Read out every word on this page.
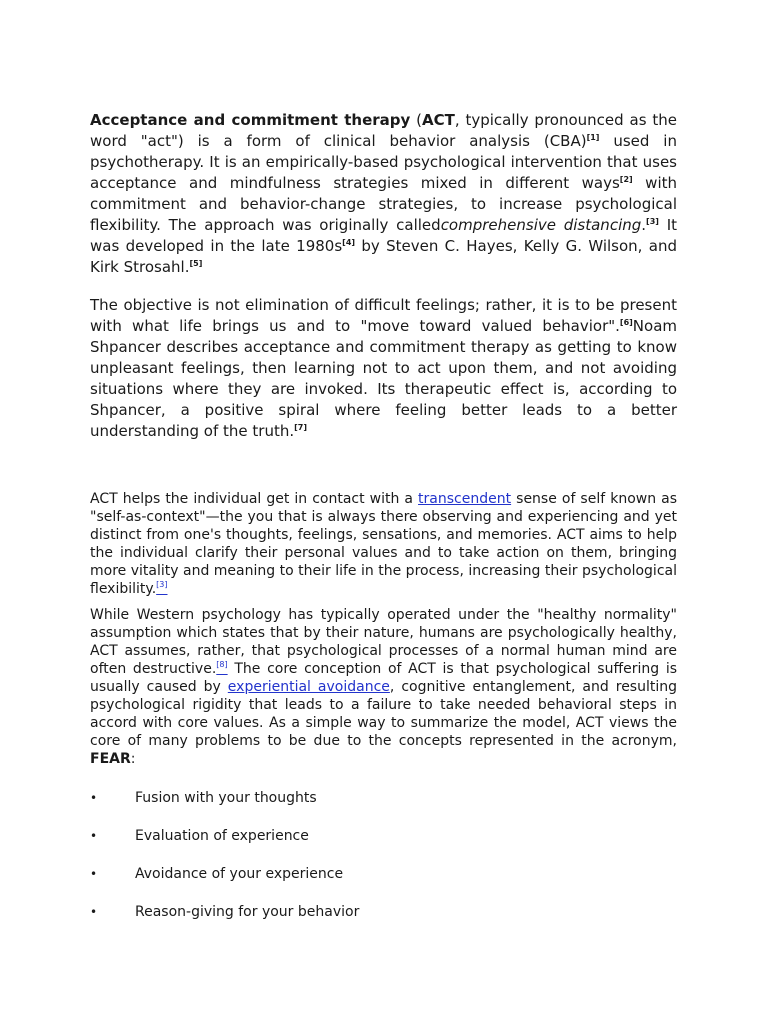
Acceptance and commitment therapy (ACT, typically pronounced as the word "act") is a form of clinical behavior analysis (CBA)[1] used in psychotherapy. It is an empirically-based psychological intervention that uses acceptance and mindfulness strategies mixed in different ways[2] with commitment and behavior-change strategies, to increase psychological flexibility. The approach was originally calledcomprehensive distancing.[3] It was developed in the late 1980s[4] by Steven C. Hayes, Kelly G. Wilson, and Kirk Strosahl.[5]

The objective is not elimination of difficult feelings; rather, it is to be present with what life brings us and to "move toward valued behavior".[6]Noam Shpancer describes acceptance and commitment therapy as getting to know unpleasant feelings, then learning not to act upon them, and not avoiding situations where they are invoked. Its therapeutic effect is, according to Shpancer, a positive spiral where feeling better leads to a better understanding of the truth.[7]

ACT helps the individual get in contact with a transcendent sense of self known as "self-as-context"—the you that is always there observing and experiencing and yet distinct from one's thoughts, feelings, sensations, and memories. ACT aims to help the individual clarify their personal values and to take action on them, bringing more vitality and meaning to their life in the process, increasing their psychological flexibility.[3]

While Western psychology has typically operated under the "healthy normality" assumption which states that by their nature, humans are psychologically healthy, ACT assumes, rather, that psychological processes of a normal human mind are often destructive.[8] The core conception of ACT is that psychological suffering is usually caused by experiential avoidance, cognitive entanglement, and resulting psychological rigidity that leads to a failure to take needed behavioral steps in accord with core values. As a simple way to summarize the model, ACT views the core of many problems to be due to the concepts represented in the acronym, FEAR:

•	Fusion with your thoughts
•	Evaluation of experience
•	Avoidance of your experience
•	Reason-giving for your behavior
